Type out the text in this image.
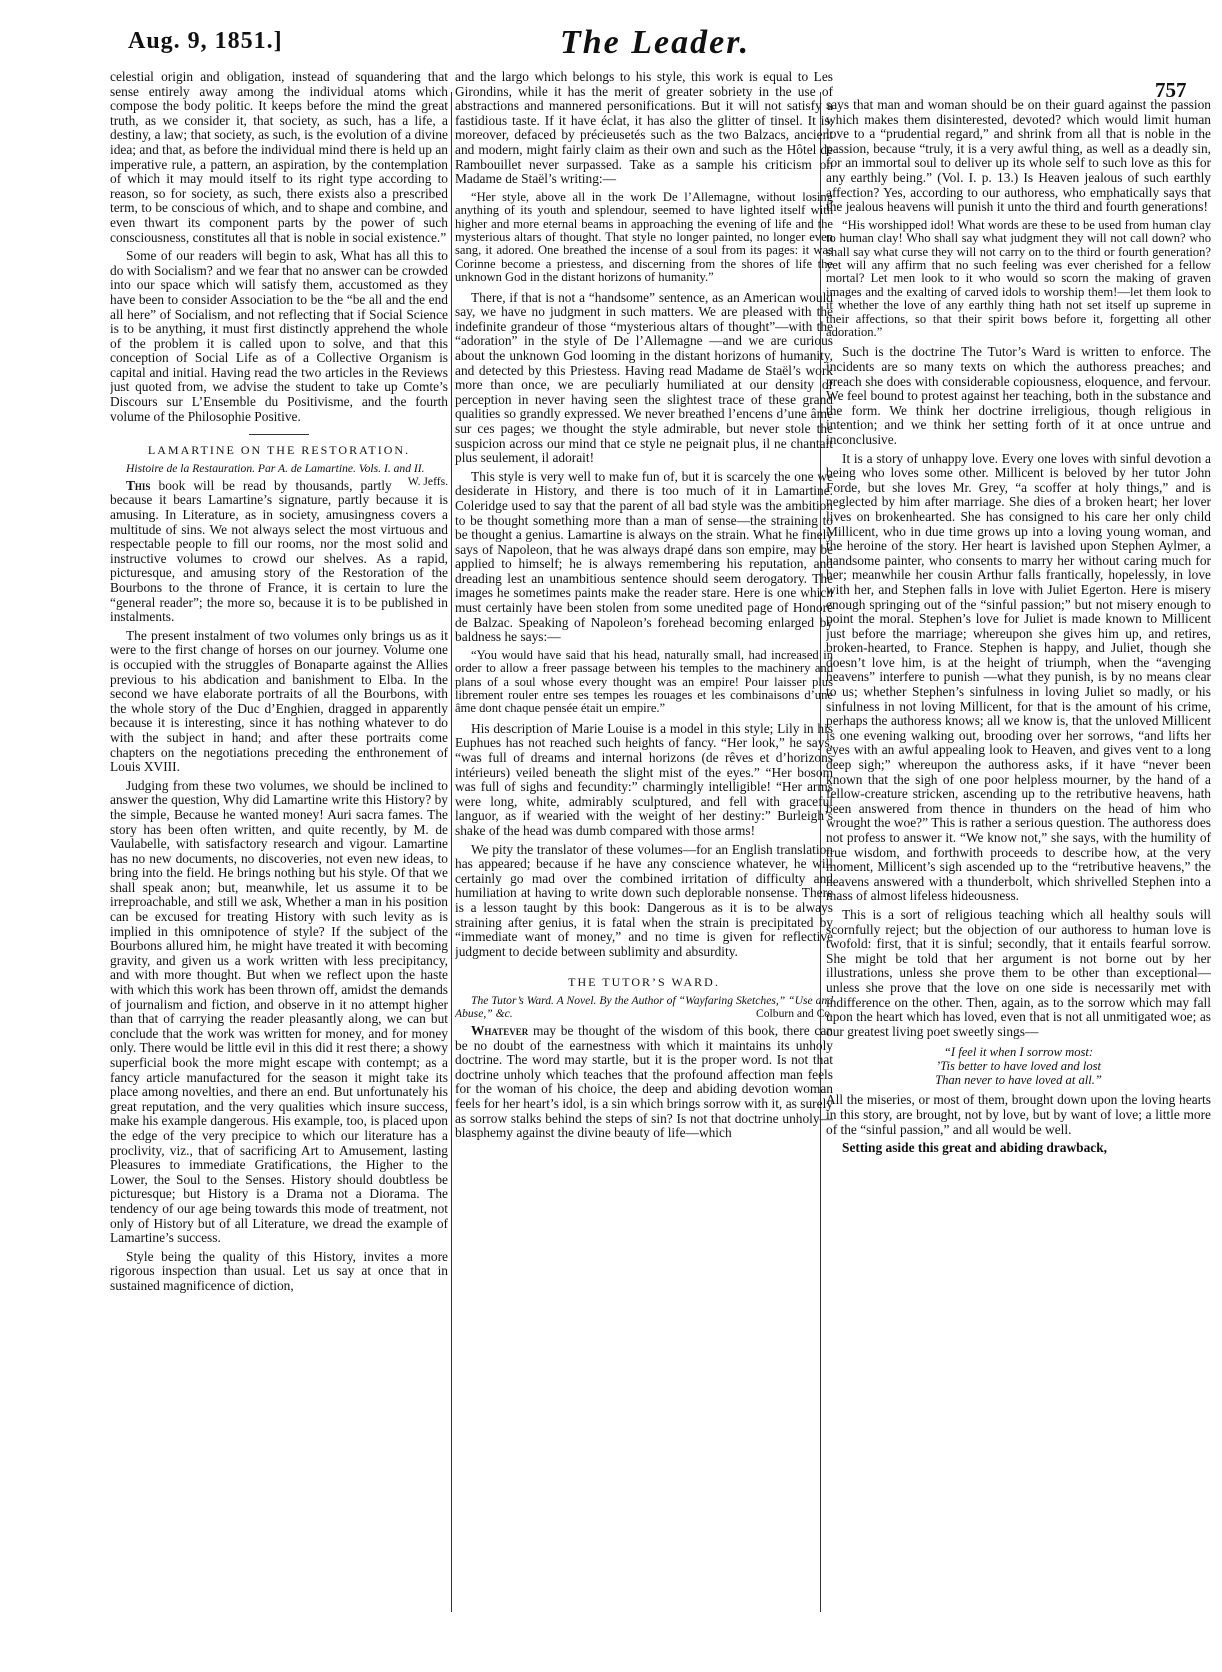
Aug. 9, 1851.]	The Leader.
757

celestial origin and obligation, instead of squandering that sense entirely away among the individual atoms which compose the body politic. It keeps before the mind the great truth, as we consider it, that society, as such, has a life, a destiny, a law; that society, as such, is the evolution of a divine idea; and that, as before the individual mind there is held up an imperative rule, a pattern, an aspiration, by the contemplation of which it may mould itself to its right type according to reason, so for society, as such, there exists also a prescribed term, to be conscious of which, and to shape and combine, and even thwart its component parts by the power of such consciousness, constitutes all that is noble in social existence.”

Some of our readers will begin to ask, What has all this to do with Socialism? and we fear that no answer can be crowded into our space which will satisfy them, accustomed as they have been to consider Association to be the “be all and the end all here” of Socialism, and not reflecting that if Social Science is to be anything, it must first distinctly apprehend the whole of the problem it is called upon to solve, and that this conception of Social Life as of a Collective Organism is capital and initial. Having read the two articles in the Reviews just quoted from, we advise the student to take up Comte’s Discours sur L’Ensemble du Positivisme, and the fourth volume of the Philosophie Positive.

LAMARTINE ON THE RESTORATION.

Histoire de la Restauration. Par A. de Lamartine. Vols. I. and II.
W. Jeffs.

This book will be read by thousands, partly because it bears Lamartine’s signature, partly because it is amusing. In Literature, as in society, amusingness covers a multitude of sins. We not always select the most virtuous and respectable people to fill our rooms, nor the most solid and instructive volumes to crowd our shelves. As a rapid, picturesque, and amusing story of the Restoration of the Bourbons to the throne of France, it is certain to lure the “general reader”; the more so, because it is to be published in instalments.

The present instalment of two volumes only brings us as it were to the first change of horses on our journey. Volume one is occupied with the struggles of Bonaparte against the Allies previous to his abdication and banishment to Elba. In the second we have elaborate portraits of all the Bourbons, with the whole story of the Duc d’Enghien, dragged in apparently because it is interesting, since it has nothing whatever to do with the subject in hand; and after these portraits come chapters on the negotiations preceding the enthronement of Louis XVIII.

Judging from these two volumes, we should be inclined to answer the question, Why did Lamartine write this History? by the simple, Because he wanted money! Auri sacra fames. The story has been often written, and quite recently, by M. de Vaulabelle, with satisfactory research and vigour. Lamartine has no new documents, no discoveries, not even new ideas, to bring into the field. He brings nothing but his style. Of that we shall speak anon; but, meanwhile, let us assume it to be irreproachable, and still we ask, Whether a man in his position can be excused for treating History with such levity as is implied in this omnipotence of style? If the subject of the Bourbons allured him, he might have treated it with becoming gravity, and given us a work written with less precipitancy, and with more thought. But when we reflect upon the haste with which this work has been thrown off, amidst the demands of journalism and fiction, and observe in it no attempt higher than that of carrying the reader pleasantly along, we can but conclude that the work was written for money, and for money only. There would be little evil in this did it rest there; a showy superficial book the more might escape with contempt; as a fancy article manufactured for the season it might take its place among novelties, and there an end. But unfortunately his great reputation, and the very qualities which insure success, make his example dangerous. His example, too, is placed upon the edge of the very precipice to which our literature has a proclivity, viz., that of sacrificing Art to Amusement, lasting Pleasures to immediate Gratifications, the Higher to the Lower, the Soul to the Senses. History should doubtless be picturesque; but History is a Drama not a Diorama. The tendency of our age being towards this mode of treatment, not only of History but of all Literature, we dread the example of Lamartine’s success.

Style being the quality of this History, invites a more rigorous inspection than usual. Let us say at once that in sustained magnificence of diction,

and the largo which belongs to his style, this work is equal to Les Girondins, while it has the merit of greater sobriety in the use of abstractions and mannered personifications. But it will not satisfy a fastidious taste. If it have éclat, it has also the glitter of tinsel. It is, moreover, defaced by précieusetés such as the two Balzacs, ancient and modern, might fairly claim as their own and such as the Hôtel de Rambouillet never surpassed. Take as a sample his criticism on Madame de Staël’s writing:—

“Her style, above all in the work De l’Allemagne, without losing anything of its youth and splendour, seemed to have lighted itself with higher and more eternal beams in approaching the evening of life and the mysterious altars of thought. That style no longer painted, no longer even sang, it adored. One breathed the incense of a soul from its pages: it was Corinne become a priestess, and discerning from the shores of life the unknown God in the distant horizons of humanity.”

There, if that is not a “handsome” sentence, as an American would say, we have no judgment in such matters. We are pleased with the indefinite grandeur of those “mysterious altars of thought”—with the “adoration” in the style of De l’Allemagne —and we are curious about the unknown God looming in the distant horizons of humanity, and detected by this Priestess. Having read Madame de Staël’s work more than once, we are peculiarly humiliated at our density of perception in never having seen the slightest trace of these grand qualities so grandly expressed. We never breathed l’encens d’une âme sur ces pages; we thought the style admirable, but never stole the suspicion across our mind that ce style ne peignait plus, il ne chantait plus seulement, il adorait!

This style is very well to make fun of, but it is scarcely the one we desiderate in History, and there is too much of it in Lamartine. Coleridge used to say that the parent of all bad style was the ambition to be thought something more than a man of sense—the straining to be thought a genius. Lamartine is always on the strain. What he finely says of Napoleon, that he was always drapé dans son empire, may be applied to himself; he is always remembering his reputation, and dreading lest an unambitious sentence should seem derogatory. The images he sometimes paints make the reader stare. Here is one which must certainly have been stolen from some unedited page of Honoré de Balzac. Speaking of Napoleon’s forehead becoming enlarged by baldness he says:—

“You would have said that his head, naturally small, had increased in order to allow a freer passage between his temples to the machinery and plans of a soul whose every thought was an empire! Pour laisser plus librement rouler entre ses tempes les rouages et les combinaisons d’une âme dont chaque pensée était un empire.”

His description of Marie Louise is a model in this style; Lily in his Euphues has not reached such heights of fancy. “Her look,” he says, “was full of dreams and internal horizons (de rêves et d’horizons intérieurs) veiled beneath the slight mist of the eyes.” “Her bosom was full of sighs and fecundity:” charmingly intelligible! “Her arms were long, white, admirably sculptured, and fell with graceful languor, as if wearied with the weight of her destiny:” Burleigh’s shake of the head was dumb compared with those arms!

We pity the translator of these volumes—for an English translation has appeared; because if he have any conscience whatever, he will certainly go mad over the combined irritation of difficulty and humiliation at having to write down such deplorable nonsense. There is a lesson taught by this book: Dangerous as it is to be always straining after genius, it is fatal when the strain is precipitated by “immediate want of money,” and no time is given for reflective judgment to decide between sublimity and absurdity.

THE TUTOR’S WARD.

The Tutor’s Ward. A Novel. By the Author of “Wayfaring Sketches,” “Use and Abuse,” &c.	Colburn and Co.

Whatever may be thought of the wisdom of this book, there can be no doubt of the earnestness with which it maintains its unholy doctrine. The word may startle, but it is the proper word. Is not that doctrine unholy which teaches that the profound affection man feels for the woman of his choice, the deep and abiding devotion woman feels for her heart’s idol, is a sin which brings sorrow with it, as surely as sorrow stalks behind the steps of sin? Is not that doctrine unholy—blasphemy against the divine beauty of life—which

says that man and woman should be on their guard against the passion which makes them disinterested, devoted? which would limit human love to a “prudential regard,” and shrink from all that is noble in the passion, because “truly, it is a very awful thing, as well as a deadly sin, for an immortal soul to deliver up its whole self to such love as this for any earthly being.” (Vol. I. p. 13.) Is Heaven jealous of such earthly affection? Yes, according to our authoress, who emphatically says that the jealous heavens will punish it unto the third and fourth generations!

“His worshipped idol! What words are these to be used from human clay to human clay! Who shall say what judgment they will not call down? who shall say what curse they will not carry on to the third or fourth generation? yet will any affirm that no such feeling was ever cherished for a fellow mortal? Let men look to it who would so scorn the making of graven images and the exalting of carved idols to worship them!—let them look to it whether the love of any earthly thing hath not set itself up supreme in their affections, so that their spirit bows before it, forgetting all other adoration.”

Such is the doctrine The Tutor’s Ward is written to enforce. The incidents are so many texts on which the authoress preaches; and preach she does with considerable copiousness, eloquence, and fervour. We feel bound to protest against her teaching, both in the substance and the form. We think her doctrine irreligious, though religious in intention; and we think her setting forth of it at once untrue and inconclusive.

It is a story of unhappy love. Every one loves with sinful devotion a being who loves some other. Millicent is beloved by her tutor John Forde, but she loves Mr. Grey, “a scoffer at holy things,” and is neglected by him after marriage. She dies of a broken heart; her lover lives on brokenhearted. She has consigned to his care her only child Millicent, who in due time grows up into a loving young woman, and the heroine of the story. Her heart is lavished upon Stephen Aylmer, a handsome painter, who consents to marry her without caring much for her; meanwhile her cousin Arthur falls frantically, hopelessly, in love with her, and Stephen falls in love with Juliet Egerton. Here is misery enough springing out of the “sinful passion;” but not misery enough to point the moral. Stephen’s love for Juliet is made known to Millicent just before the marriage; whereupon she gives him up, and retires, broken-hearted, to France. Stephen is happy, and Juliet, though she doesn’t love him, is at the height of triumph, when the “avenging heavens” interfere to punish —what they punish, is by no means clear to us; whether Stephen’s sinfulness in loving Juliet so madly, or his sinfulness in not loving Millicent, for that is the amount of his crime, perhaps the authoress knows; all we know is, that the unloved Millicent is one evening walking out, brooding over her sorrows, “and lifts her eyes with an awful appealing look to Heaven, and gives vent to a long deep sigh;” whereupon the authoress asks, if it have “never been known that the sigh of one poor helpless mourner, by the hand of a fellow-creature stricken, ascending up to the retributive heavens, hath been answered from thence in thunders on the head of him who wrought the woe?” This is rather a serious question. The authoress does not profess to answer it. “We know not,” she says, with the humility of true wisdom, and forthwith proceeds to describe how, at the very moment, Millicent’s sigh ascended up to the “retributive heavens,” the heavens answered with a thunderbolt, which shrivelled Stephen into a mass of almost lifeless hideousness.

This is a sort of religious teaching which all healthy souls will scornfully reject; but the objection of our authoress to human love is twofold: first, that it is sinful; secondly, that it entails fearful sorrow. She might be told that her argument is not borne out by her illustrations, unless she prove them to be other than exceptional—unless she prove that the love on one side is necessarily met with indifference on the other. Then, again, as to the sorrow which may fall upon the heart which has loved, even that is not all unmitigated woe; as our greatest living poet sweetly sings—

“I feel it when I sorrow most:
’Tis better to have loved and lost
Than never to have loved at all.”

All the miseries, or most of them, brought down upon the loving hearts in this story, are brought, not by love, but by want of love; a little more of the “sinful passion,” and all would be well.

Setting aside this great and abiding drawback,
